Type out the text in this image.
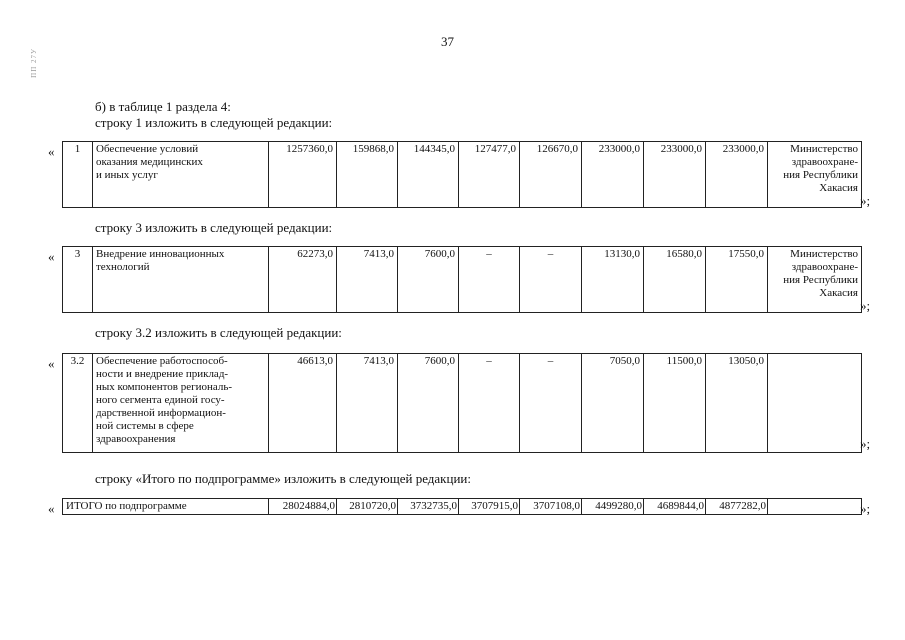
37
ПП 27У
б) в таблице 1 раздела 4:
строку 1 изложить в следующей редакции:
« 1	Обеспечение условий
оказания медицинских
и иных услуг
	1257360,0	159868,0	144345,0	127477,0	126670,0	233000,0	233000,0	233000,0	Министерство
здравоохране-
ния Республики
Хакасия
»;
строку 3 изложить в следующей редакции:
« 3	Внедрение инновационных
технологий
	62273,0	7413,0	7600,0	–	–	13130,0	16580,0	17550,0	Министерство
здравоохране-
ния Республики
Хакасия
»;
строку 3.2 изложить в следующей редакции:
« 3.2	Обеспечение работоспособ-
ности и внедрение приклад-
ных компонентов региональ-
ного сегмента единой госу-
дарственной информацион-
ной системы в сфере
здравоохранения
	46613,0	7413,0	7600,0	–	–	7050,0	11500,0	13050,0	
»;
строку «Итого по подпрограмме» изложить в следующей редакции:
« ИТОГО по подпрограмме	28024884,0	2810720,0	3732735,0	3707915,0	3707108,0	4499280,0	4689844,0	4877282,0		»;
